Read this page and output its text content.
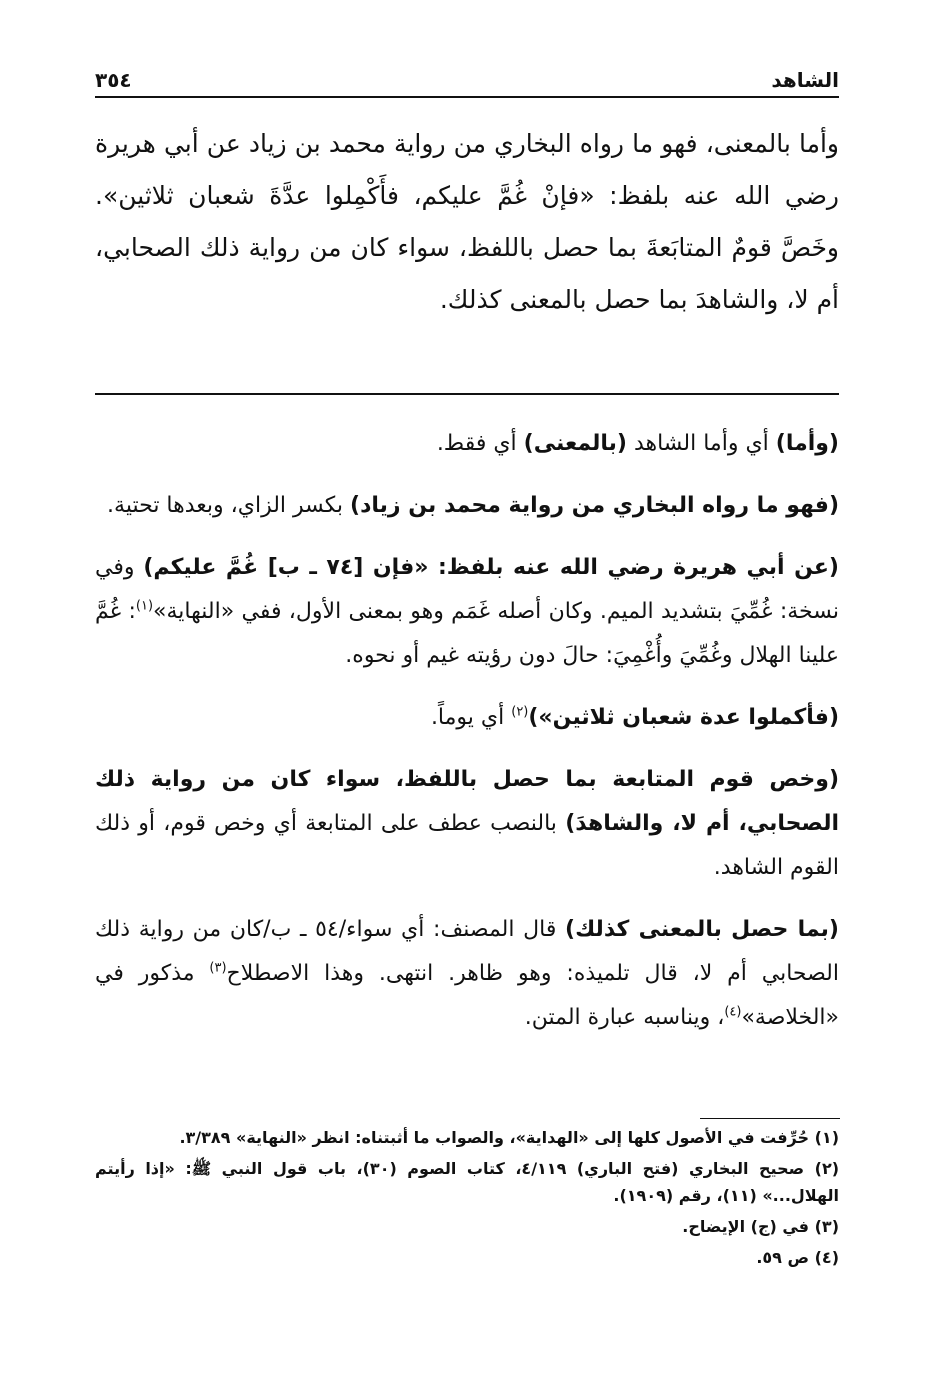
الشاهد
٣٥٤

وأما بالمعنى، فهو ما رواه البخاري من رواية محمد بن زياد عن أبي هريرة رضي الله عنه بلفظ: «فإنْ غُمَّ عليكم، فأَكْمِلوا عدَّةَ شعبان ثلاثين». وخَصَّ قومٌ المتابَعةَ بما حصل باللفظ، سواء كان من رواية ذلك الصحابي، أم لا، والشاهدَ بما حصل بالمعنى كذلك.

(وأما) أي وأما الشاهد (بالمعنى) أي فقط.

(فهو ما رواه البخاري من رواية محمد بن زياد) بكسر الزاي، وبعدها تحتية.

(عن أبي هريرة رضي الله عنه بلفظ: «فإن [٧٤ ـ ب] غُمَّ عليكم) وفي نسخة: غُمِّيَ بتشديد الميم. وكان أصله غَمَم وهو بمعنى الأول، ففي «النهاية»$^{(١)}$: غُمَّ علينا الهلال وغُمِّيَ وأُغْمِيَ: حالَ دون رؤيته غيم أو نحوه.

(فأكملوا عدة شعبان ثلاثين»)$^{(٢)}$ أي يوماً.

(وخص قوم المتابعة بما حصل باللفظ، سواء كان من رواية ذلك الصحابي، أم لا، والشاهدَ) بالنصب عطف على المتابعة أي وخص قوم، أو ذلك القوم الشاهد.

(بما حصل بالمعنى كذلك) قال المصنف: أي سواء/٥٤ ـ ب/كان من رواية ذلك الصحابي أم لا، قال تلميذه: وهو ظاهر. انتهى. وهذا الاصطلاح$^{(٣)}$ مذكور في «الخلاصة»$^{(٤)}$، ويناسبه عبارة المتن.

(١) حُرِّفت في الأصول كلها إلى «الهداية»، والصواب ما أثبتناه: انظر «النهاية» ٣/٣٨٩.

(٢) صحيح البخاري (فتح الباري) ٤/١١٩، كتاب الصوم (٣٠)، باب قول النبي ﷺ: «إذا رأيتم الهلال...» (١١)، رقم (١٩٠٩).

(٣) في (ج) الإيضاح.

(٤) ص ٥٩.
